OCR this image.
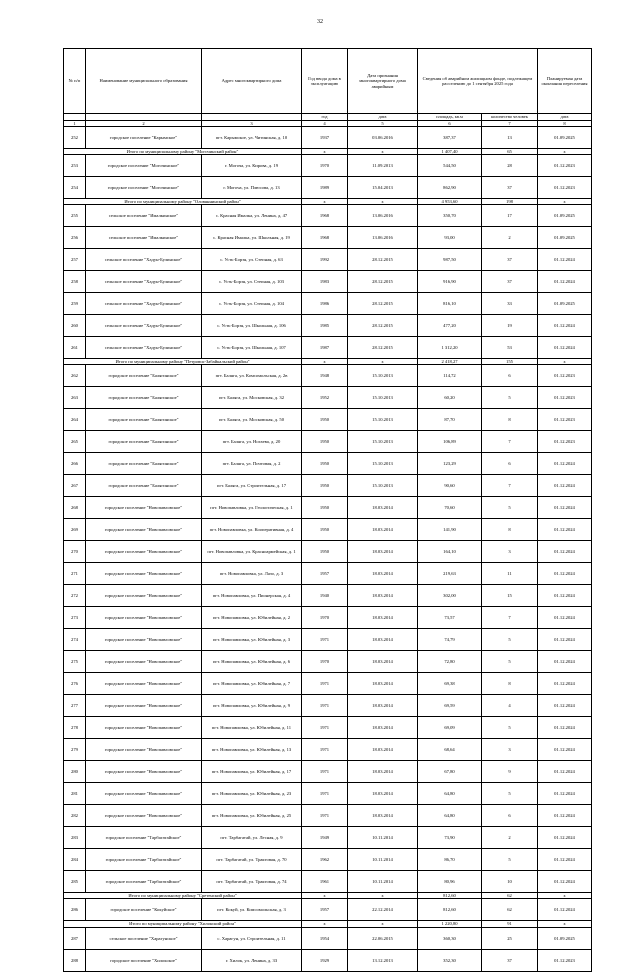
32
№ п/п	Наименование муниципального образования	Адрес многоквартирного дома	Год ввода дома в эксплуатацию	Дата признания многоквартирного дома аварийным	Сведения об аварийном жилищном фонде, подлежащем расселению до 1 сентября 2025 года		Планируемая дата окончания переселения
			год	дата	площадь, кв.м	количество человек	дата
1	2	3	4	5	6	7	8
252	городское поселение "Карымское"	пгт. Карымское, ул. Читинская, д. 10	1937	03.06.2016	387,37	13	01.09.2025
Итого по муниципальному району "Могочинский район"			x	x	1 407,40	65	x
253	городское поселение "Могочинское"	г. Могоча, ул. Кирова, д. 19	1970	11.09.2013	544,50	28	01.12.2023
254	городское поселение "Могочинское"	г. Могоча, ул. Плюсова, д. 13	1989	15.04.2013	862,90	37	01.12.2023
Итого по муниципальному району "Оловяннинский район"			x	x	4 953,60	198	x
255	сельское поселение "Ималкинское"	с. Красная Ималка, ул. Ленина, д. 47	1968	13.06.2016	350,70	17	01.09.2025
256	сельское поселение "Ималкинское"	с. Красная Ималка, ул. Школьная, д. 19	1968	13.06.2016	93,00	2	01.09.2025
257	сельское поселение "Хадун-Булинское"	с. Усть-Борзя, ул. Степная, д. 63	1992	28.12.2015	987,50	37	01.12.2024
258	сельское поселение "Хадун-Булинское"	с. Усть-Борзя, ул. Степная, д. 103	1983	28.12.2015	916,90	37	01.12.2024
259	сельское поселение "Хадун-Булинское"	с. Усть-Борзя, ул. Степная, д. 104	1986	28.12.2015	816,10	33	01.09.2025
260	сельское поселение "Хадун-Булинское"	с. Усть-Борзя, ул. Школьная, д. 106	1985	28.12.2015	477,20	19	01.12.2024
261	сельское поселение "Хадун-Булинское"	с. Усть-Борзя, ул. Школьная, д. 107	1987	28.12.2015	1 312,20	53	01.12.2024
Итого по муниципальному району "Петровск-Забайкальский район"			x	x	2 418,27	155	x
262	городское поселение "Балягинское"	пгт. Баляга, ул. Комсомольская, д. 2в	1948	15.10.2013	114,72	6	01.12.2023
263	городское поселение "Балягинское"	пгт. Баляга, ул. Московская, д. 32	1952	15.10.2013	60,20	5	01.12.2023
264	городское поселение "Балягинское"	пгт. Баляга, ул. Московская, д. 50	1950	15.10.2013	87,70	8	01.12.2023
265	городское поселение "Балягинское"	пгт. Баляга, ул. Ногаева, д. 20	1950	15.10.2013	106,89	7	01.12.2023
266	городское поселение "Балягинское"	пгт. Баляга, ул. Почтовая, д. 2	1950	15.10.2013	123,29	6	01.12.2024
267	городское поселение "Балягинское"	пгт. Баляга, ул. Строительная, д. 17	1950	15.10.2013	90,60	7	01.12.2024
268	городское поселение "Новопавловское"	пгт. Новопавловка, ул. Геологическая, д. 1	1950	18.03.2014	70,60	5	01.12.2024
269	городское поселение "Новопавловское"	пгт. Новопавловка, ул. Кооперативная, д. 4	1950	18.03.2014	141,90	8	01.12.2024
270	городское поселение "Новопавловское"	пгт. Новопавловка, ул. Красноармейская, д. 1	1950	18.03.2014	164,10	3	01.12.2024
271	городское поселение "Новопавловское"	пгт. Новопавловка, ул. Лазо, д. 3	1957	18.03.2014	219,63	11	01.12.2024
272	городское поселение "Новопавловское"	пгт. Новопавловка, ул. Пионерская, д. 4	1940	18.03.2014	302,00	15	01.12.2024
273	городское поселение "Новопавловское"	пгт. Новопавловка, ул. Юбилейная, д. 2	1970	18.03.2014	73,57	7	01.12.2024
274	городское поселение "Новопавловское"	пгт. Новопавловка, ул. Юбилейная, д. 3	1971	18.03.2014	74,79	5	01.12.2024
275	городское поселение "Новопавловское"	пгт. Новопавловка, ул. Юбилейная, д. 6	1970	18.03.2014	72,80	5	01.12.2024
276	городское поселение "Новопавловское"	пгт. Новопавловка, ул. Юбилейная, д. 7	1971	18.03.2014	69,38	8	01.12.2024
277	городское поселение "Новопавловское"	пгт. Новопавловка, ул. Юбилейная, д. 9	1971	18.03.2014	69,59	4	01.12.2024
278	городское поселение "Новопавловское"	пгт. Новопавловка, ул. Юбилейная, д. 11	1971	18.03.2014	69,09	5	01.12.2024
279	городское поселение "Новопавловское"	пгт. Новопавловка, ул. Юбилейная, д. 13	1971	18.03.2014	68,64	3	01.12.2024
280	городское поселение "Новопавловское"	пгт. Новопавловка, ул. Юбилейная, д. 17	1971	18.03.2014	67,80	9	01.12.2024
281	городское поселение "Новопавловское"	пгт. Новопавловка, ул. Юбилейная, д. 23	1971	18.03.2014	64,80	5	01.12.2024
282	городское поселение "Новопавловское"	пгт. Новопавловка, ул. Юбилейная, д. 25	1971	18.03.2014	64,80	6	01.12.2024
283	городское поселение "Тарбагатайское"	пгт. Тарбагатай, ул. Лесная, д. 9	1949	10.11.2014	73,90	2	01.12.2024
284	городское поселение "Тарбагатайское"	пгт. Тарбагатай, ул. Трактовая, д. 70	1962	10.11.2014	86,70	5	01.12.2024
285	городское поселение "Тарбагатайское"	пгт. Тарбагатай, ул. Трактовая, д. 74	1961	10.11.2014	80,96	10	01.12.2024
Итого по муниципальному району "Сретенский район"			x	x	812,60	62	x
286	городское поселение "Кокуйское"	пгт. Кокуй, ул. Комсомольская, д. 3	1957	22.12.2014	812,60	62	01.12.2024
Итого по муниципальному району "Хилокский район"			x	x	1 220,80	91	x
287	сельское поселение "Харагунское"	с. Харагун, ул. Строительная, д. 11	1954	22.06.2015	360,30	25	01.09.2025
288	городское поселение "Хилокское"	г. Хилок, ул. Ленина, д. 33	1929	13.12.2013	352,30	37	01.12.2023
